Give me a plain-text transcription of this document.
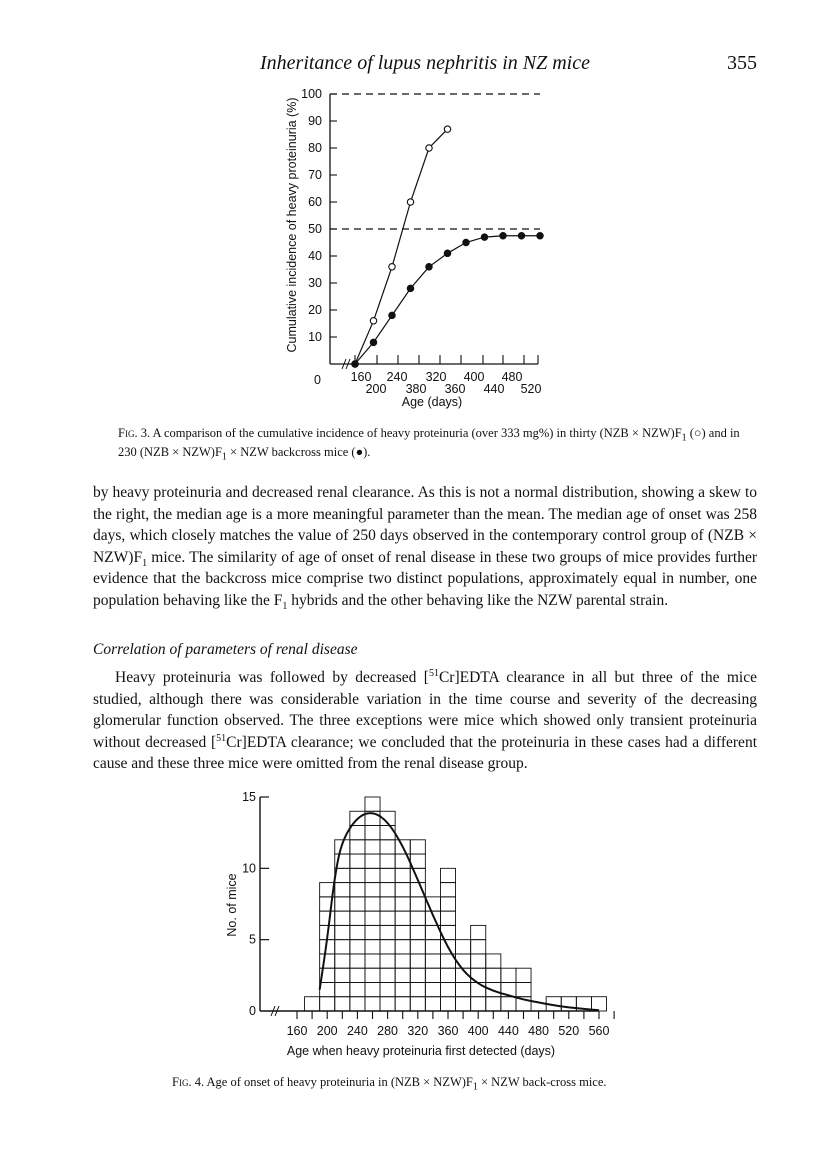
Inheritance of lupus nephritis in NZ mice	355
0
10
20
30
40
50
60
70
80
90
100
160 240 320 400 480
200 380 360 440 520
Age (days)
Cumulative incidence of heavy proteinuria (%)
Fig. 3. A comparison of the cumulative incidence of heavy proteinuria (over 333 mg%) in thirty $(NZB \times NZW)F_1$ (○) and in 230 $(NZB \times NZW)F_1$ × NZW backcross mice (●).

by heavy proteinuria and decreased renal clearance. As this is not a normal distribution, showing a skew to the right, the median age is a more meaningful parameter than the mean. The median age of onset was 258 days, which closely matches the value of 250 days observed in the contemporary control group of $(NZB \times NZW)F_1$ mice. The similarity of age of onset of renal disease in these two groups of mice provides further evidence that the backcross mice comprise two distinct populations, approximately equal in number, one population behaving like the $F_1$ hybrids and the other behaving like the NZW parental strain.

Correlation of parameters of renal disease

Heavy proteinuria was followed by decreased [$^{51}$Cr]EDTA clearance in all but three of the mice studied, although there was considerable variation in the time course and severity of the decreasing glomerular function observed. The three exceptions were mice which showed only transient proteinuria without decreased [$^{51}$Cr]EDTA clearance; we concluded that the proteinuria in these cases had a different cause and these three mice were omitted from the renal disease group.

0
5
10
15
160 200 240 280 320 360 400 440 480 520 560
Age when heavy proteinuria first detected (days)
No. of mice
Fig. 4. Age of onset of heavy proteinuria in $(NZB \times NZW)F_1$ × NZW back-cross mice.
